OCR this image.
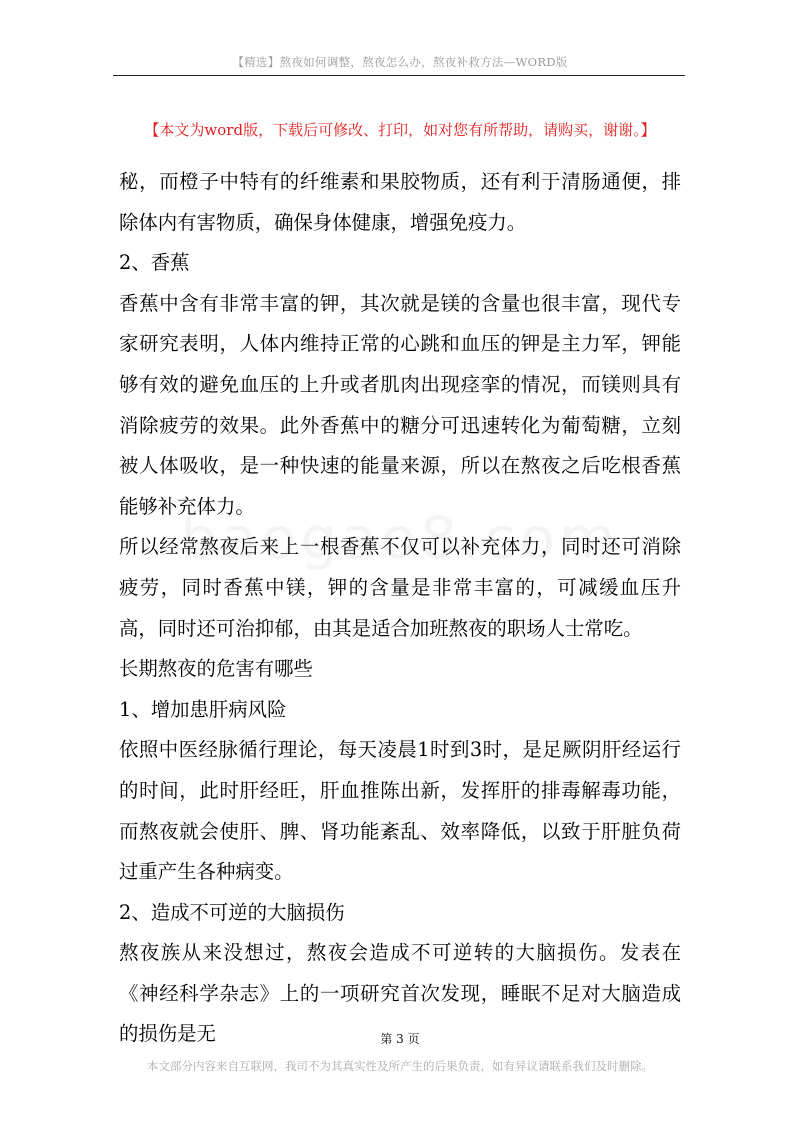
【精选】熬夜如何调整，熬夜怎么办，熬夜补救方法—WORD版
【本文为word版，下载后可修改、打印，如对您有所帮助，请购买，谢谢。】

秘，而橙子中特有的纤维素和果胶物质，还有利于清肠通便，排除体内有害物质，确保身体健康，增强免疫力。

2、香蕉

香蕉中含有非常丰富的钾，其次就是镁的含量也很丰富，现代专家研究表明，人体内维持正常的心跳和血压的钾是主力军，钾能够有效的避免血压的上升或者肌肉出现痉挛的情况，而镁则具有消除疲劳的效果。此外香蕉中的糖分可迅速转化为葡萄糖，立刻被人体吸收，是一种快速的能量来源，所以在熬夜之后吃根香蕉能够补充体力。

所以经常熬夜后来上一根香蕉不仅可以补充体力，同时还可消除疲劳，同时香蕉中镁，钾的含量是非常丰富的，可减缓血压升高，同时还可治抑郁，由其是适合加班熬夜的职场人士常吃。

长期熬夜的危害有哪些

1、增加患肝病风险

依照中医经脉循行理论，每天凌晨1时到3时，是足厥阴肝经运行的时间，此时肝经旺，肝血推陈出新，发挥肝的排毒解毒功能，而熬夜就会使肝、脾、肾功能紊乱、效率降低，以致于肝脏负荷过重产生各种病变。

2、造成不可逆的大脑损伤

熬夜族从来没想过，熬夜会造成不可逆转的大脑损伤。发表在《神经科学杂志》上的一项研究首次发现，睡眠不足对大脑造成的损伤是无	第 3 页
本文部分内容来自互联网，我司不为其真实性及所产生的后果负责，如有异议请联系我们及时删除。
